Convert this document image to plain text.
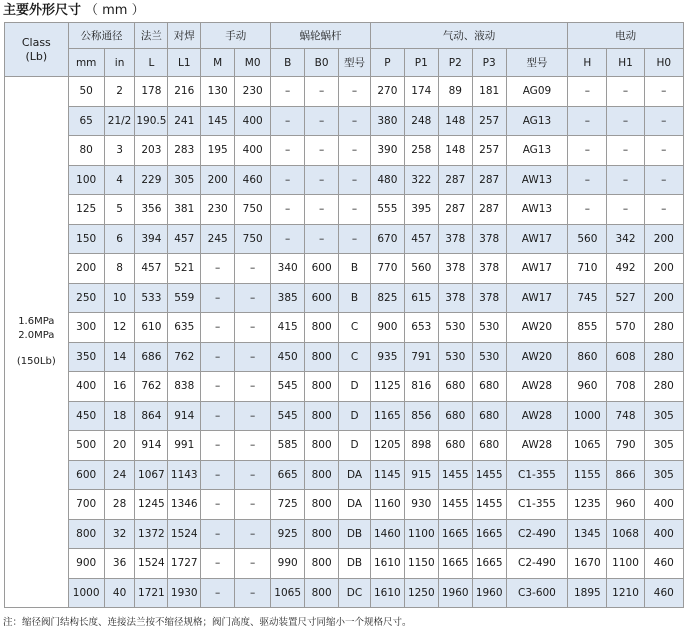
主要外形尺寸 （ mm ）
Class
(Lb)	公称通径		法兰	对焊	手动		蜗轮蜗杆			气动、液动					电动		
	mm	in	L	L1	M	M0	B	B0	型号	P	P1	P2	P3	型号	H	H1	H0

1.6MPa
2.0MPa
(150Lb)	50	2	178	216	130	230	–	–	–	270	174	89	181	AG09	–	–	–
	65	21/2	190.5	241	145	400	–	–	–	380	248	148	257	AG13	–	–	–
	80	3	203	283	195	400	–	–	–	390	258	148	257	AG13	–	–	–
	100	4	229	305	200	460	–	–	–	480	322	287	287	AW13	–	–	–
	125	5	356	381	230	750	–	–	–	555	395	287	287	AW13	–	–	–
	150	6	394	457	245	750	–	–	–	670	457	378	378	AW17	560	342	200
	200	8	457	521	–	–	340	600	B	770	560	378	378	AW17	710	492	200
	250	10	533	559	–	–	385	600	B	825	615	378	378	AW17	745	527	200
	300	12	610	635	–	–	415	800	C	900	653	530	530	AW20	855	570	280
	350	14	686	762	–	–	450	800	C	935	791	530	530	AW20	860	608	280
	400	16	762	838	–	–	545	800	D	1125	816	680	680	AW28	960	708	280
	450	18	864	914	–	–	545	800	D	1165	856	680	680	AW28	1000	748	305
	500	20	914	991	–	–	585	800	D	1205	898	680	680	AW28	1065	790	305
	600	24	1067	1143	–	–	665	800	DA	1145	915	1455	1455	C1-355	1155	866	305
	700	28	1245	1346	–	–	725	800	DA	1160	930	1455	1455	C1-355	1235	960	400
	800	32	1372	1524	–	–	925	800	DB	1460	1100	1665	1665	C2-490	1345	1068	400
	900	36	1524	1727	–	–	990	800	DB	1610	1150	1665	1665	C2-490	1670	1100	460
	1000	40	1721	1930	–	–	1065	800	DC	1610	1250	1960	1960	C3-600	1895	1210	460
注：缩径阀门结构长度、连接法兰按不缩径规格；阀门高度、驱动装置尺寸同缩小一个规格尺寸。
